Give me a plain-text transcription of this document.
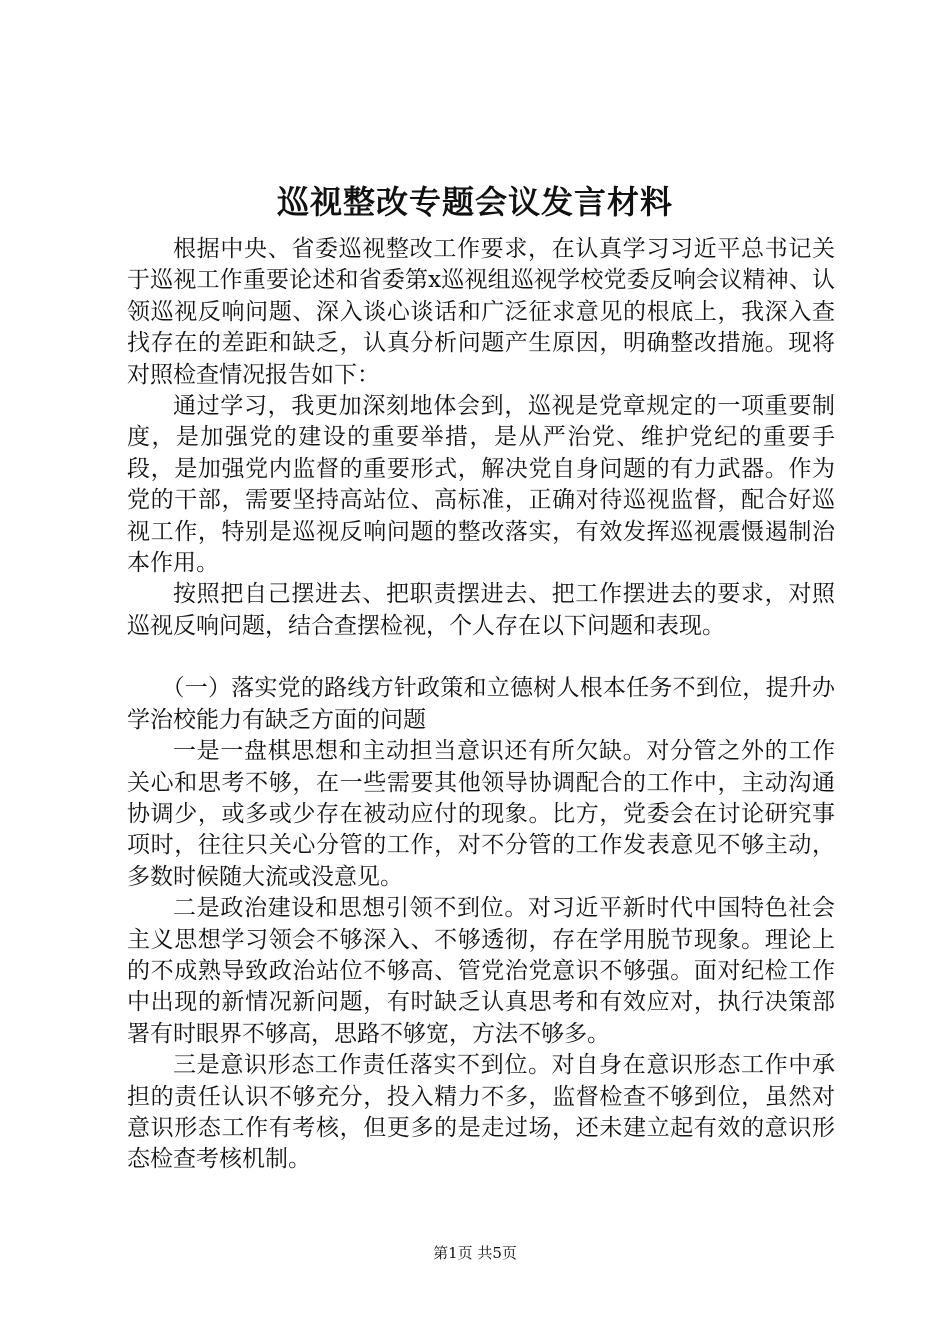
巡视整改专题会议发言材料

根据中央、省委巡视整改工作要求，在认真学习习近平总书记关于巡视工作重要论述和省委第x巡视组巡视学校党委反响会议精神、认领巡视反响问题、深入谈心谈话和广泛征求意见的根底上，我深入查找存在的差距和缺乏，认真分析问题产生原因，明确整改措施。现将对照检查情况报告如下：

通过学习，我更加深刻地体会到，巡视是党章规定的一项重要制度，是加强党的建设的重要举措，是从严治党、维护党纪的重要手段，是加强党内监督的重要形式，解决党自身问题的有力武器。作为党的干部，需要坚持高站位、高标准，正确对待巡视监督，配合好巡视工作，特别是巡视反响问题的整改落实，有效发挥巡视震慑遏制治本作用。

按照把自己摆进去、把职责摆进去、把工作摆进去的要求，对照巡视反响问题，结合查摆检视，个人存在以下问题和表现。

（一）落实党的路线方针政策和立德树人根本任务不到位，提升办学治校能力有缺乏方面的问题

一是一盘棋思想和主动担当意识还有所欠缺。对分管之外的工作关心和思考不够，在一些需要其他领导协调配合的工作中，主动沟通协调少，或多或少存在被动应付的现象。比方，党委会在讨论研究事项时，往往只关心分管的工作，对不分管的工作发表意见不够主动，多数时候随大流或没意见。

二是政治建设和思想引领不到位。对习近平新时代中国特色社会主义思想学习领会不够深入、不够透彻，存在学用脱节现象。理论上的不成熟导致政治站位不够高、管党治党意识不够强。面对纪检工作中出现的新情况新问题，有时缺乏认真思考和有效应对，执行决策部署有时眼界不够高，思路不够宽，方法不够多。

三是意识形态工作责任落实不到位。对自身在意识形态工作中承担的责任认识不够充分，投入精力不多，监督检查不够到位，虽然对意识形态工作有考核，但更多的是走过场，还未建立起有效的意识形态检查考核机制。

第1页 共5页
